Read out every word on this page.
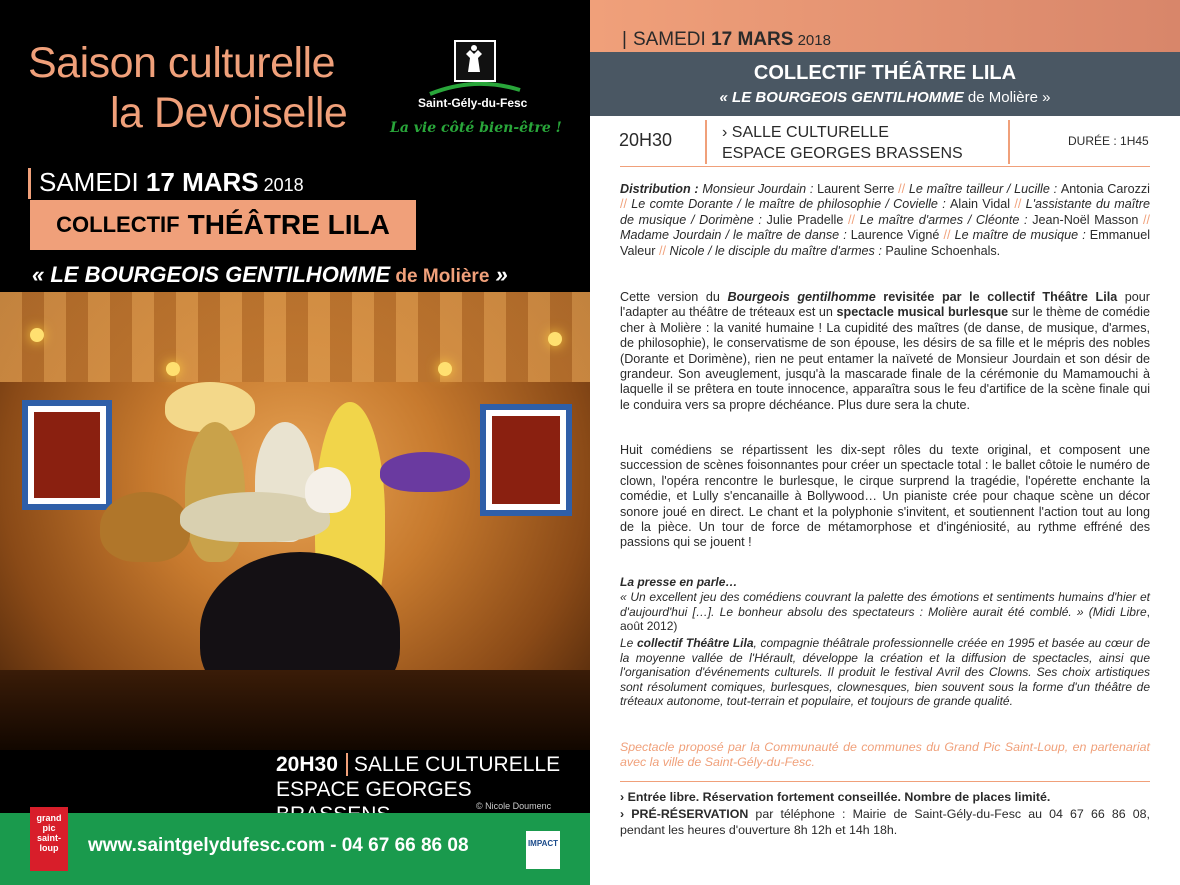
Saison culturelle
la Devoiselle	Saint-Gély-du-Fesc
La vie côté bien-être !
SAMEDI 17 MARS 2018
COLLECTIF THÉÂTRE LILA
« LE BOURGEOIS GENTILHOMME de Molière »
20H30 SALLE CULTURELLE
ESPACE GEORGES
© Nicole Doumenc
grand pic saint-loup	www.saintgelydufesc.com - 04 67 66 86 08	IMPACT
| SAMEDI 17 MARS 2018
COLLECTIF THÉÂTRE LILA
« LE BOURGEOIS GENTILHOMME de Molière »
20H30	› SALLE CULTURELLE
ESPACE GEORGES BRASSENS
DURÉE : 1H45
Distribution : Monsieur Jourdain : Laurent Serre // Le maître tailleur / Lucille : Antonia Carozzi // Le comte Dorante / le maître de philosophie / Covielle : Alain Vidal // L'assistante du maître de musique / Dorimène : Julie Pradelle // Le maître d'armes / Cléonte : Jean-Noël Masson // Madame Jourdain / le maître de danse : Laurence Vigné // Le maître de musique : Emmanuel Valeur // Nicole / le disciple du maître d'armes : Pauline Schoenhals.
Cette version du Bourgeois gentilhomme revisitée par le collectif Théâtre Lila pour l'adapter au théâtre de tréteaux est un spectacle musical burlesque sur le thème de comédie cher à Molière : la vanité humaine ! La cupidité des maîtres (de danse, de musique, d'armes, de philosophie), le conservatisme de son épouse, les désirs de sa fille et le mépris des nobles (Dorante et Dorimène), rien ne peut entamer la naïveté de Monsieur Jourdain et son désir de grandeur. Son aveuglement, jusqu'à la mascarade finale de la cérémonie du Mamamouchi à laquelle il se prêtera en toute innocence, apparaîtra sous le feu d'artifice de la scène finale qui le conduira vers sa propre déchéance. Plus dure sera la chute.
Huit comédiens se répartissent les dix-sept rôles du texte original, et composent une succession de scènes foisonnantes pour créer un spectacle total : le ballet côtoie le numéro de clown, l'opéra rencontre le burlesque, le cirque surprend la tragédie, l'opérette enchante la comédie, et Lully s'encanaille à Bollywood… Un pianiste crée pour chaque scène un décor sonore joué en direct. Le chant et la polyphonie s'invitent, et soutiennent l'action tout au long de la pièce. Un tour de force de métamorphose et d'ingéniosité, au rythme effréné des passions qui se jouent !
La presse en parle…
« Un excellent jeu des comédiens couvrant la palette des émotions et sentiments humains d'hier et d'aujourd'hui […]. Le bonheur absolu des spectateurs : Molière aurait été comblé. » (Midi Libre, août 2012)
Le collectif Théâtre Lila, compagnie théâtrale professionnelle créée en 1995 et basée au cœur de la moyenne vallée de l'Hérault, développe la création et la diffusion de spectacles, ainsi que l'organisation d'événements culturels. Il produit le festival Avril des Clowns. Ses choix artistiques sont résolument comiques, burlesques, clownesques, bien souvent sous la forme d'un théâtre de tréteaux autonome, tout-terrain et populaire, et toujours de grande qualité.
Spectacle proposé par la Communauté de communes du Grand Pic Saint-Loup, en partenariat avec la ville de Saint-Gély-du-Fesc.
› Entrée libre. Réservation fortement conseillée. Nombre de places limité.
› PRÉ-RÉSERVATION par téléphone : Mairie de Saint-Gély-du-Fesc au 04 67 66 86 08, pendant les heures d'ouverture 8h 12h et 14h 18h.
